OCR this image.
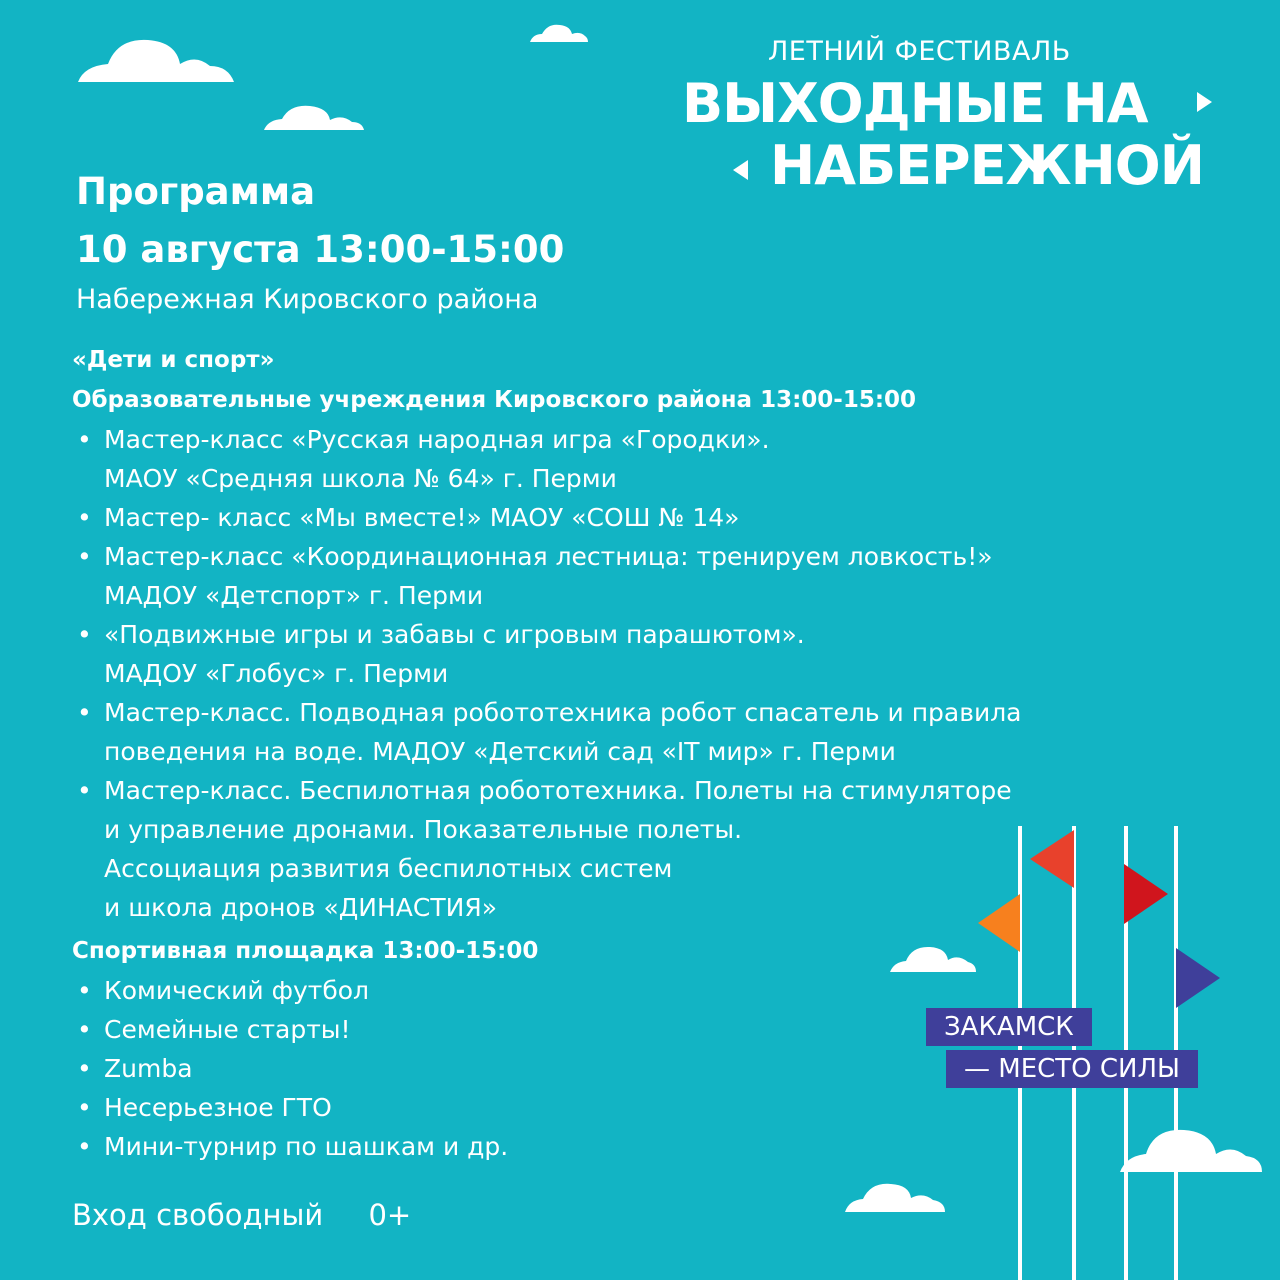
ЛЕТНИЙ ФЕСТИВАЛЬ
ВЫХОДНЫЕ НА
НАБЕРЕЖНОЙ
Программа
10 августа 13:00-15:00
Набережная Кировского района
«Дети и спорт»
Образовательные учреждения Кировского района 13:00-15:00
• Мастер-класс «Русская народная игра «Городки».
МАОУ «Средняя школа № 64» г. Перми
• Мастер- класс «Мы вместе!» МАОУ «СОШ № 14»
• Мастер-класс «Координационная лестница: тренируем ловкость!»
МАДОУ «Детспорт» г. Перми
• «Подвижные игры и забавы с игровым парашютом».
МАДОУ «Глобус» г. Перми
• Мастер-класс. Подводная робототехника робот спасатель и правила
поведения на воде. МАДОУ «Детский сад «IT мир» г. Перми
• Мастер-класс. Беспилотная робототехника. Полеты на стимуляторе
и управление дронами. Показательные полеты.
Ассоциация развития беспилотных систем
и школа дронов «ДИНАСТИЯ»
Спортивная площадка 13:00-15:00
• Комический футбол
• Семейные старты!
• Zumba
• Несерьезное ГТО
• Мини-турнир по шашкам и др.
Вход свободный 0+
ЗАКАМСК
— МЕСТО СИЛЫ
